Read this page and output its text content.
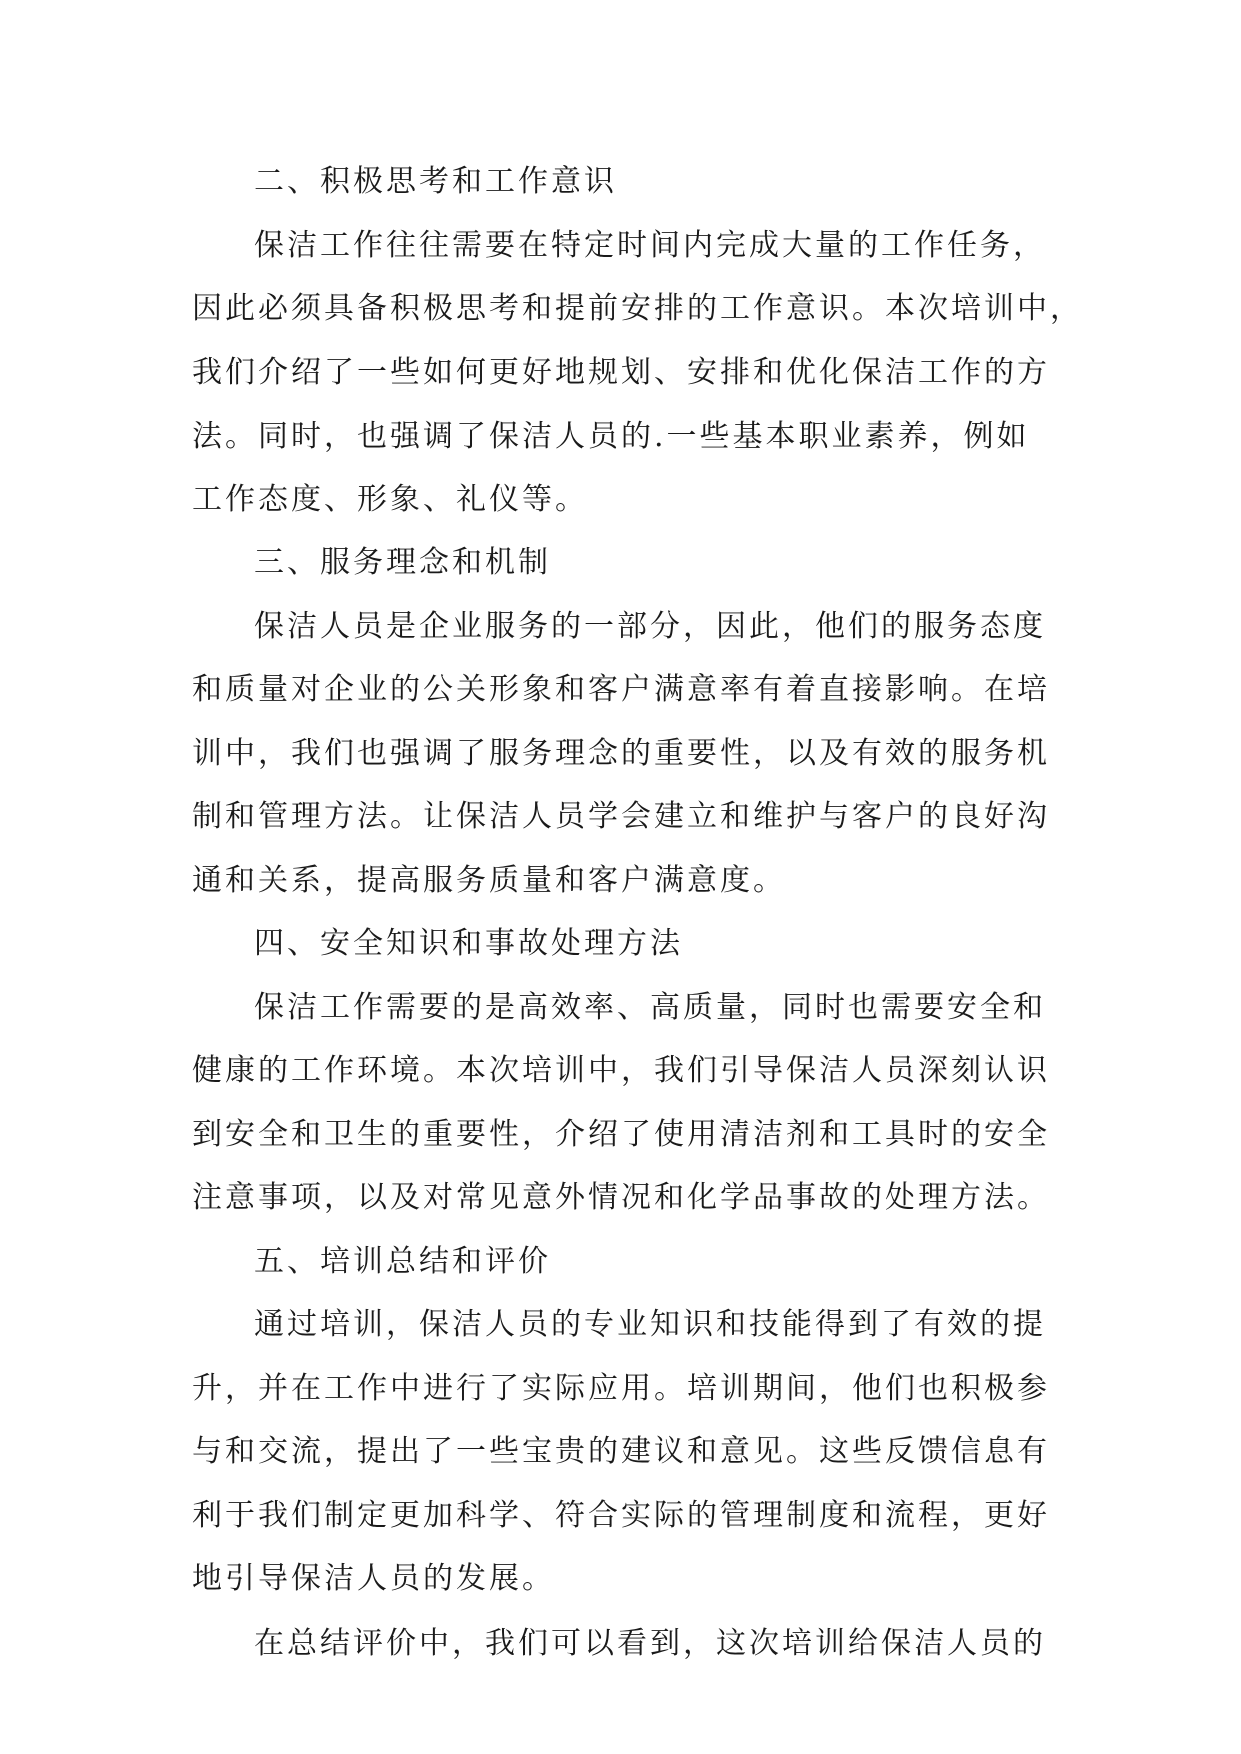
二、积极思考和工作意识
保洁工作往往需要在特定时间内完成大量的工作任务，
因此必须具备积极思考和提前安排的工作意识。本次培训中，
我们介绍了一些如何更好地规划、安排和优化保洁工作的方
法。同时，也强调了保洁人员的.一些基本职业素养，例如
工作态度、形象、礼仪等。
三、服务理念和机制
保洁人员是企业服务的一部分，因此，他们的服务态度
和质量对企业的公关形象和客户满意率有着直接影响。在培
训中，我们也强调了服务理念的重要性，以及有效的服务机
制和管理方法。让保洁人员学会建立和维护与客户的良好沟
通和关系，提高服务质量和客户满意度。
四、安全知识和事故处理方法
保洁工作需要的是高效率、高质量，同时也需要安全和
健康的工作环境。本次培训中，我们引导保洁人员深刻认识
到安全和卫生的重要性，介绍了使用清洁剂和工具时的安全
注意事项，以及对常见意外情况和化学品事故的处理方法。
五、培训总结和评价
通过培训，保洁人员的专业知识和技能得到了有效的提
升，并在工作中进行了实际应用。培训期间，他们也积极参
与和交流，提出了一些宝贵的建议和意见。这些反馈信息有
利于我们制定更加科学、符合实际的管理制度和流程，更好
地引导保洁人员的发展。
在总结评价中，我们可以看到，这次培训给保洁人员的
